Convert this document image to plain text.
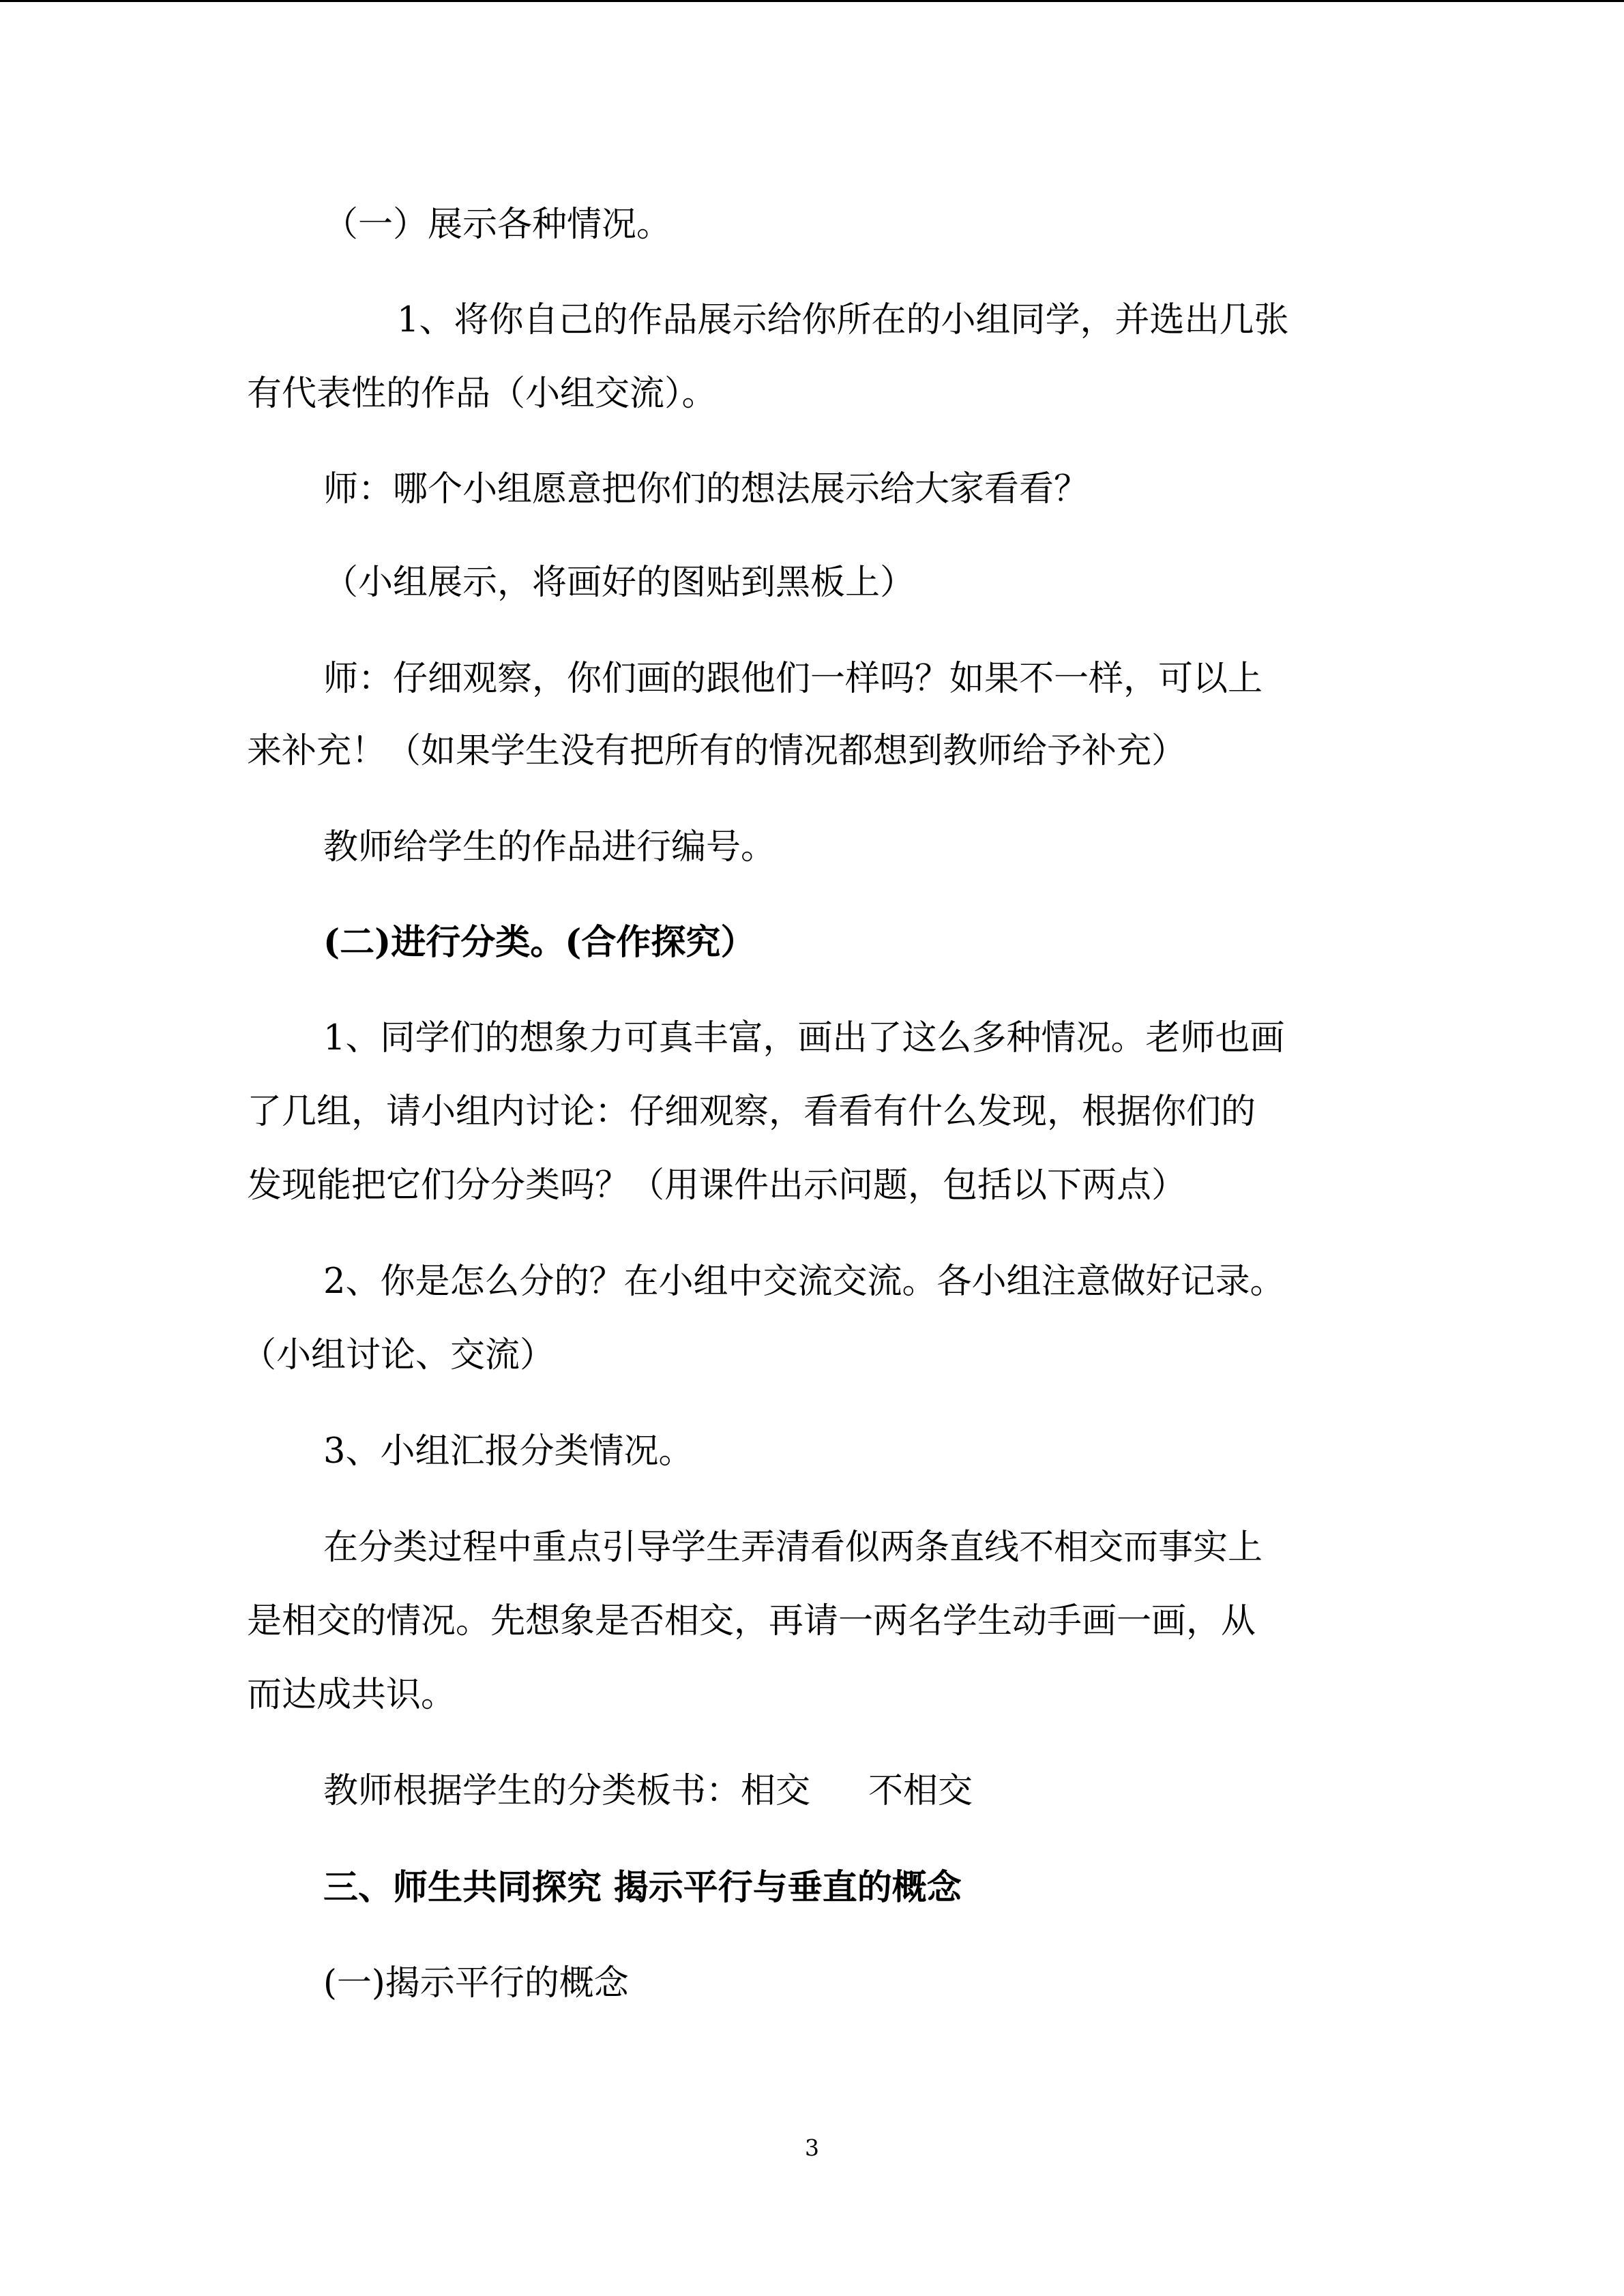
（一）展示各种情况。
1、将你自己的作品展示给你所在的小组同学，并选出几张
有代表性的作品（小组交流）。
师：哪个小组愿意把你们的想法展示给大家看看？
（小组展示，将画好的图贴到黑板上）
师：仔细观察，你们画的跟他们一样吗？如果不一样，可以上
来补充！（如果学生没有把所有的情况都想到教师给予补充）
教师给学生的作品进行编号。
(二)进行分类。(合作探究）
1、同学们的想象力可真丰富，画出了这么多种情况。老师也画
了几组，请小组内讨论：仔细观察，看看有什么发现，根据你们的
发现能把它们分分类吗？（用课件出示问题，包括以下两点）
2、你是怎么分的？在小组中交流交流。各小组注意做好记录。
（小组讨论、交流）
3、小组汇报分类情况。
在分类过程中重点引导学生弄清看似两条直线不相交而事实上
是相交的情况。先想象是否相交，再请一两名学生动手画一画，从
而达成共识。
教师根据学生的分类板书：相交 不相交
三、师生共同探究 揭示平行与垂直的概念
(一)揭示平行的概念
3
